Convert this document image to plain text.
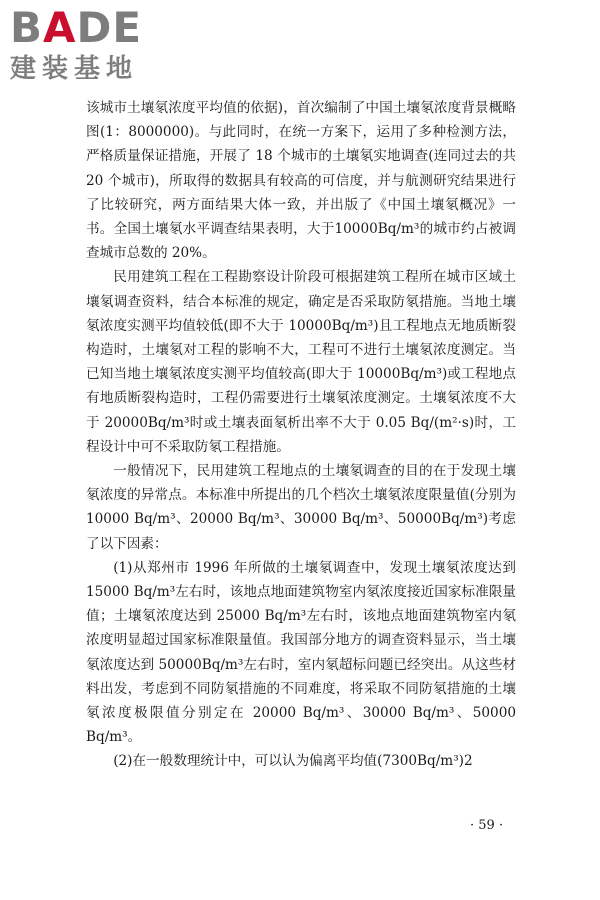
BADE
建装基地

该城市土壤氡浓度平均值的依据)，首次编制了中国土壤氡浓度背景概略图(1：8000000)。与此同时，在统一方案下，运用了多种检测方法，严格质量保证措施，开展了 18 个城市的土壤氡实地调查(连同过去的共 20 个城市)，所取得的数据具有较高的可信度，并与航测研究结果进行了比较研究，两方面结果大体一致，并出版了《中国土壤氡概况》一书。全国土壤氡水平调查结果表明，大于10000Bq/m³的城市约占被调查城市总数的 20%。

民用建筑工程在工程勘察设计阶段可根据建筑工程所在城市区域土壤氡调查资料，结合本标准的规定，确定是否采取防氡措施。当地土壤氡浓度实测平均值较低(即不大于 10000Bq/m³)且工程地点无地质断裂构造时，土壤氡对工程的影响不大，工程可不进行土壤氡浓度测定。当已知当地土壤氡浓度实测平均值较高(即大于 10000Bq/m³)或工程地点有地质断裂构造时，工程仍需要进行土壤氡浓度测定。土壤氡浓度不大于 20000Bq/m³时或土壤表面氡析出率不大于 0.05 Bq/(m²·s)时，工程设计中可不采取防氡工程措施。

一般情况下，民用建筑工程地点的土壤氡调查的目的在于发现土壤氡浓度的异常点。本标准中所提出的几个档次土壤氡浓度限量值(分别为 10000 Bq/m³、20000 Bq/m³、30000 Bq/m³、50000Bq/m³)考虑了以下因素：

(1)从郑州市 1996 年所做的土壤氡调查中，发现土壤氡浓度达到 15000 Bq/m³左右时，该地点地面建筑物室内氡浓度接近国家标准限量值；土壤氡浓度达到 25000 Bq/m³左右时，该地点地面建筑物室内氡浓度明显超过国家标准限量值。我国部分地方的调查资料显示，当土壤氡浓度达到 50000Bq/m³左右时，室内氡超标问题已经突出。从这些材料出发，考虑到不同防氡措施的不同难度，将采取不同防氡措施的土壤氡浓度极限值分别定在 20000 Bq/m³、30000 Bq/m³、50000 Bq/m³。

(2)在一般数理统计中，可以认为偏离平均值(7300Bq/m³)2

· 59 ·
